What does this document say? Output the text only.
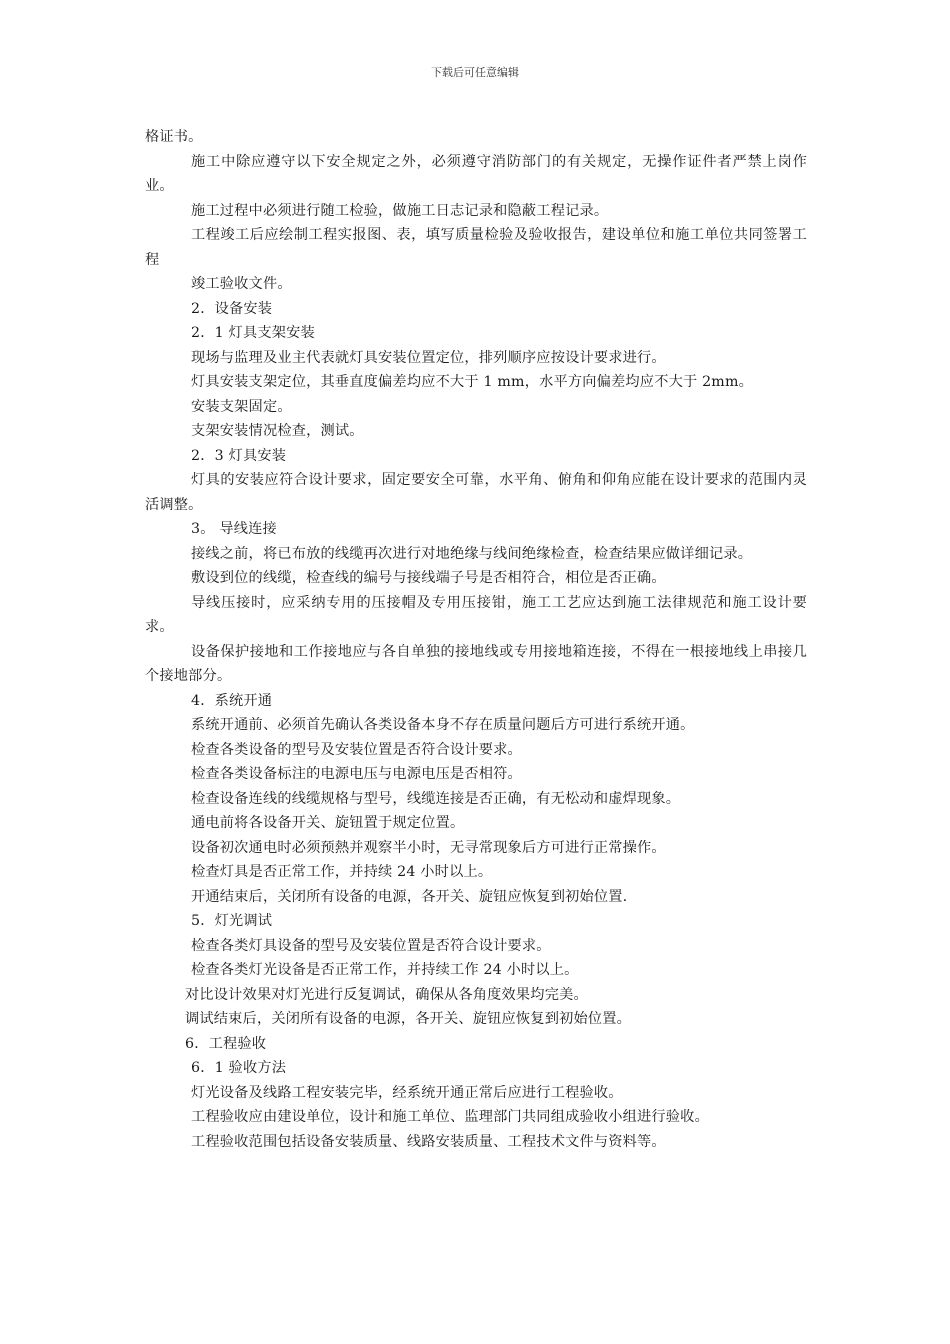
下载后可任意编辑
格证书。
施工中除应遵守以下安全规定之外，必须遵守消防部门的有关规定，无操作证件者严禁上岗作业。
施工过程中必须进行随工检验，做施工日志记录和隐蔽工程记录。
工程竣工后应绘制工程实报图、表，填写质量检验及验收报告，建设单位和施工单位共同签署工程
竣工验收文件。
2．设备安装
2．1 灯具支架安装
现场与监理及业主代表就灯具安装位置定位，排列顺序应按设计要求进行。
灯具安装支架定位，其垂直度偏差均应不大于 1 mm，水平方向偏差均应不大于 2mm。
安装支架固定。
支架安装情况检查，测试。
2．3 灯具安装
灯具的安装应符合设计要求，固定要安全可靠，水平角、俯角和仰角应能在设计要求的范围内灵活调整。
3。 导线连接
接线之前，将已布放的线缆再次进行对地绝缘与线间绝缘检查，检查结果应做详细记录。
敷设到位的线缆，检查线的编号与接线端子号是否相符合，相位是否正确。
导线压接时，应采纳专用的压接帽及专用压接钳，施工工艺应达到施工法律规范和施工设计要求。
设备保护接地和工作接地应与各自单独的接地线或专用接地箱连接，不得在一根接地线上串接几个接地部分。
4．系统开通
系统开通前、必须首先确认各类设备本身不存在质量问题后方可进行系统开通。
检查各类设备的型号及安装位置是否符合设计要求。
检查各类设备标注的电源电压与电源电压是否相符。
检查设备连线的线缆规格与型号，线缆连接是否正确，有无松动和虚焊现象。
通电前将各设备开关、旋钮置于规定位置。
设备初次通电时必须预熱并观察半小时，无寻常现象后方可进行正常操作。
检查灯具是否正常工作，并持续 24 小时以上。
开通结束后，关闭所有设备的电源，各开关、旋钮应恢复到初始位置.
5．灯光调试
检查各类灯具设备的型号及安装位置是否符合设计要求。
检查各类灯光设备是否正常工作，并持续工作 24 小时以上。
对比设计效果对灯光进行反复调试，确保从各角度效果均完美。
调试结束后，关闭所有设备的电源，各开关、旋钮应恢复到初始位置。
6．工程验收
6．1 验收方法
灯光设备及线路工程安装完毕，经系统开通正常后应进行工程验收。
工程验收应由建设单位，设计和施工单位、监理部门共同组成验收小组进行验收。
工程验收范围包括设备安装质量、线路安装质量、工程技术文件与资料等。
